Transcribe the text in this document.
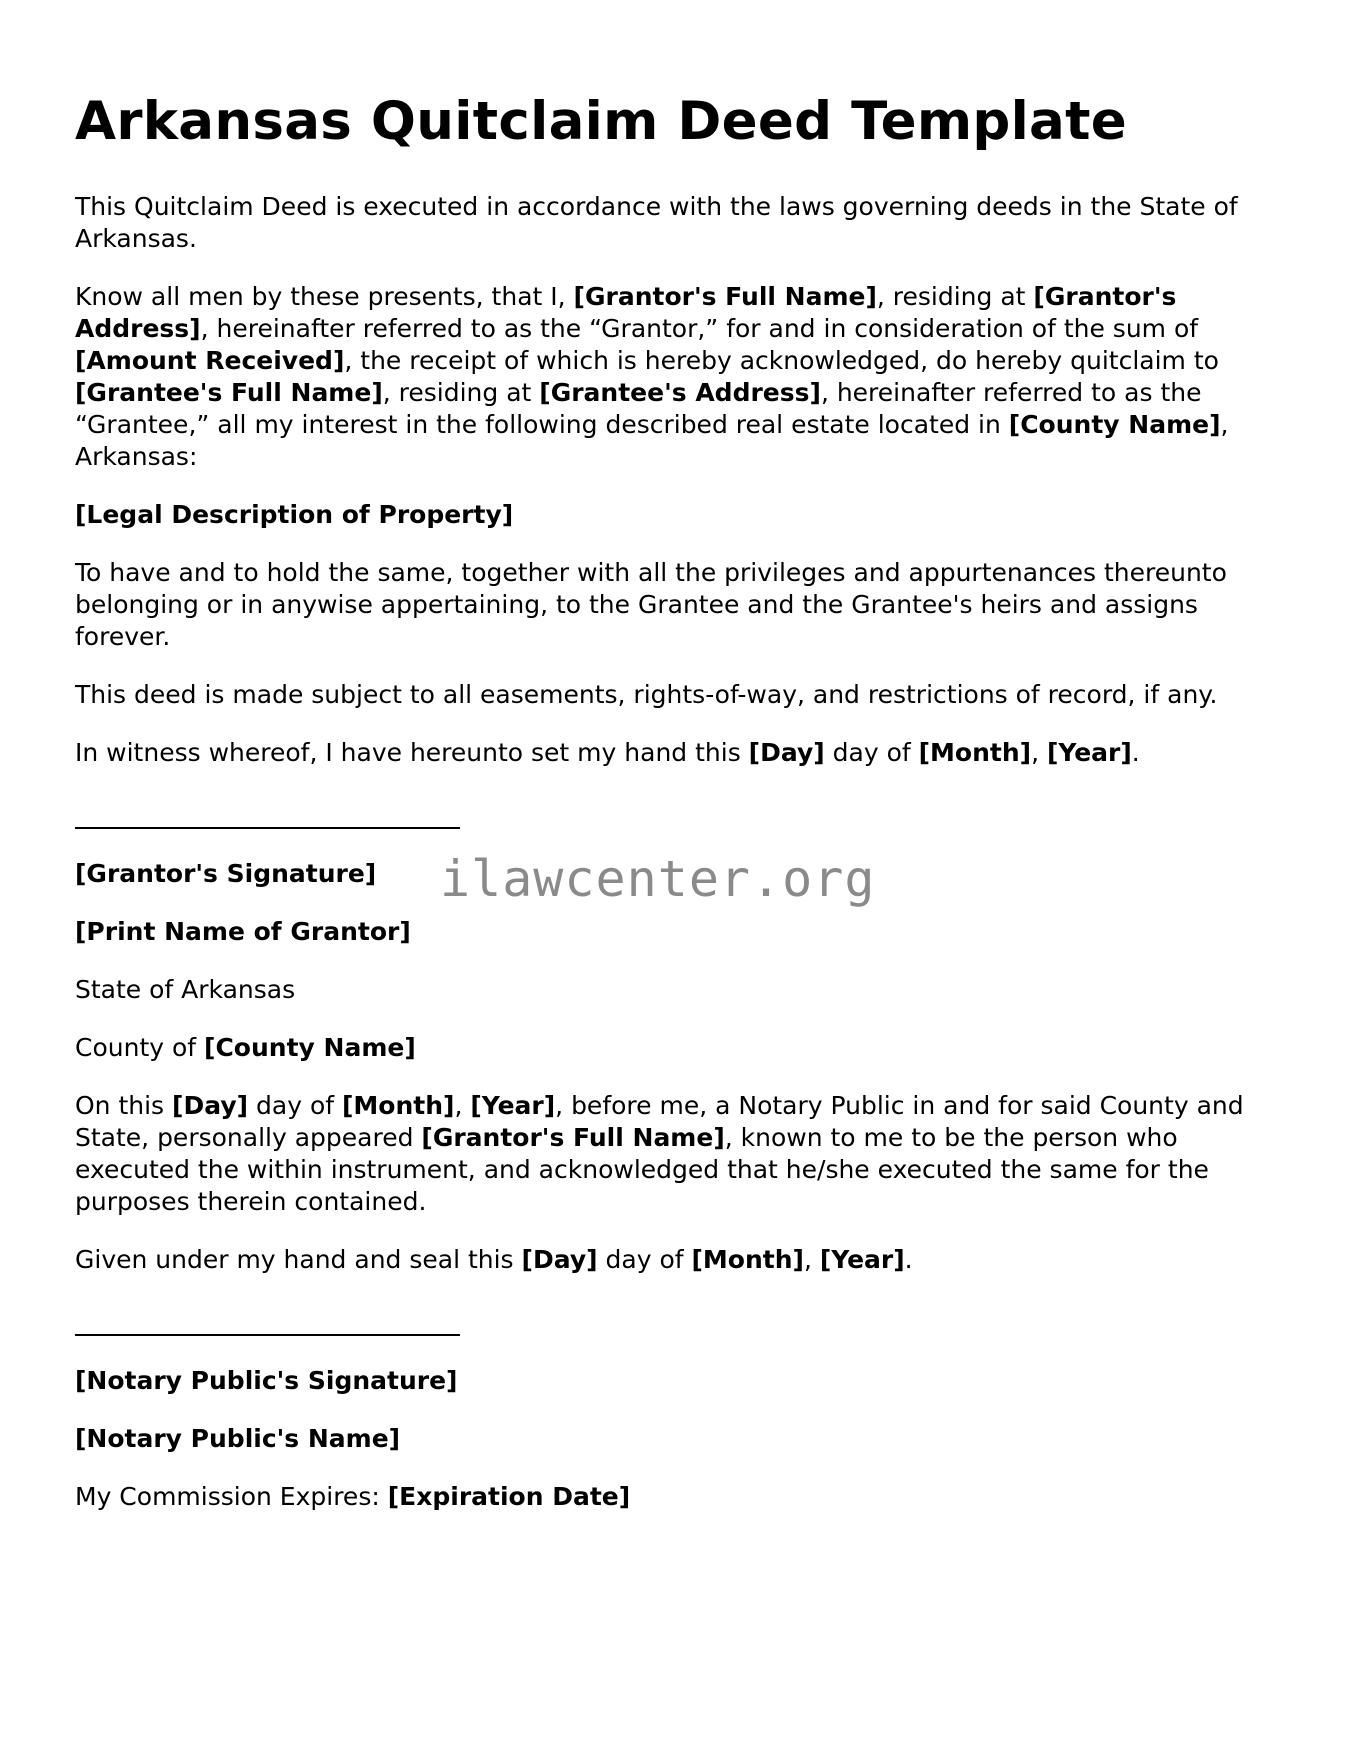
Arkansas Quitclaim Deed Template

This Quitclaim Deed is executed in accordance with the laws governing deeds in the State of Arkansas.

Know all men by these presents, that I, [Grantor's Full Name], residing at [Grantor's Address], hereinafter referred to as the “Grantor,” for and in consideration of the sum of [Amount Received], the receipt of which is hereby acknowledged, do hereby quitclaim to [Grantee's Full Name], residing at [Grantee's Address], hereinafter referred to as the “Grantee,” all my interest in the following described real estate located in [County Name], Arkansas:

[Legal Description of Property]

To have and to hold the same, together with all the privileges and appurtenances thereunto belonging or in anywise appertaining, to the Grantee and the Grantee's heirs and assigns forever.

This deed is made subject to all easements, rights-of-way, and restrictions of record, if any.

In witness whereof, I have hereunto set my hand this [Day] day of [Month], [Year].

[Grantor's Signature]

[Print Name of Grantor]

State of Arkansas

County of [County Name]

On this [Day] day of [Month], [Year], before me, a Notary Public in and for said County and State, personally appeared [Grantor's Full Name], known to me to be the person who executed the within instrument, and acknowledged that he/she executed the same for the purposes therein contained.

Given under my hand and seal this [Day] day of [Month], [Year].

[Notary Public's Signature]

[Notary Public's Name]

My Commission Expires: [Expiration Date]

ilawcenter.org
